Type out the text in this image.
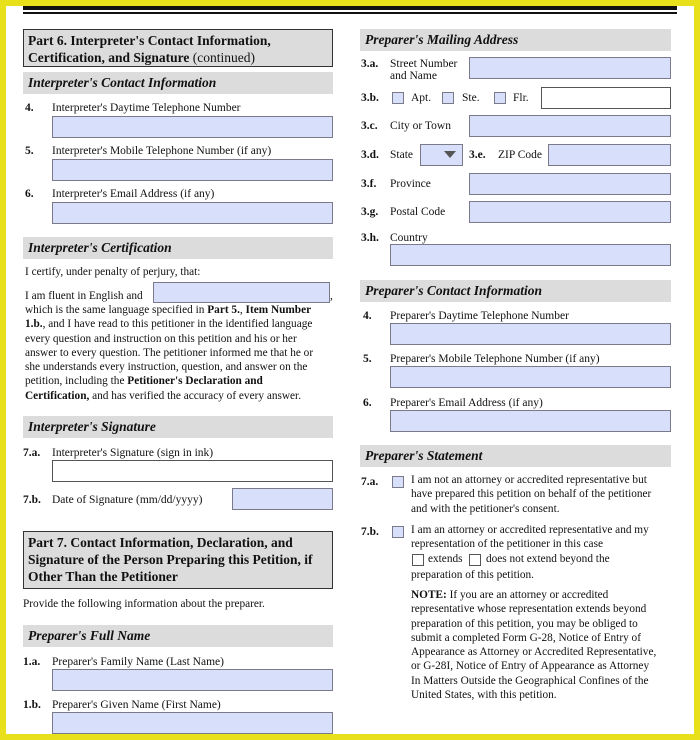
Part 6. Interpreter's Contact Information,
Certification, and Signature (continued)
Interpreter's Contact Information
4. Interpreter's Daytime Telephone Number
5. Interpreter's Mobile Telephone Number (if any)
6. Interpreter's Email Address (if any)
Interpreter's Certification
I certify, under penalty of perjury, that:
I am fluent in English and	,
which is the same language specified in Part 5., Item Number
1.b., and I have read to this petitioner in the identified language
every question and instruction on this petition and his or her
answer to every question. The petitioner informed me that he or
she understands every instruction, question, and answer on the
petition, including the Petitioner's Declaration and
Certification, and has verified the accuracy of every answer.
Interpreter's Signature
7.a. Interpreter's Signature (sign in ink)
7.b. Date of Signature (mm/dd/yyyy)
Part 7. Contact Information, Declaration, and
Signature of the Person Preparing this Petition, if
Other Than the Petitioner
Provide the following information about the preparer.
Preparer's Full Name
1.a. Preparer's Family Name (Last Name)
1.b. Preparer's Given Name (First Name)
Preparer's Mailing Address
3.a. Street Number
and Name
3.b.	Apt.	Ste.	Flr.
3.c. City or Town
3.d. State	3.e. ZIP Code
3.f. Province
3.g. Postal Code
3.h. Country
Preparer's Contact Information
4. Preparer's Daytime Telephone Number
5. Preparer's Mobile Telephone Number (if any)
6. Preparer's Email Address (if any)
Preparer's Statement
7.a.	I am not an attorney or accredited representative but
have prepared this petition on behalf of the petitioner
and with the petitioner's consent.
7.b.	I am an attorney or accredited representative and my
representation of the petitioner in this case
extends does not extend beyond the
preparation of this petition.
NOTE: If you are an attorney or accredited
representative whose representation extends beyond
preparation of this petition, you may be obliged to
submit a completed Form G-28, Notice of Entry of
Appearance as Attorney or Accredited Representative,
or G-28I, Notice of Entry of Appearance as Attorney
In Matters Outside the Geographical Confines of the
United States, with this petition.
